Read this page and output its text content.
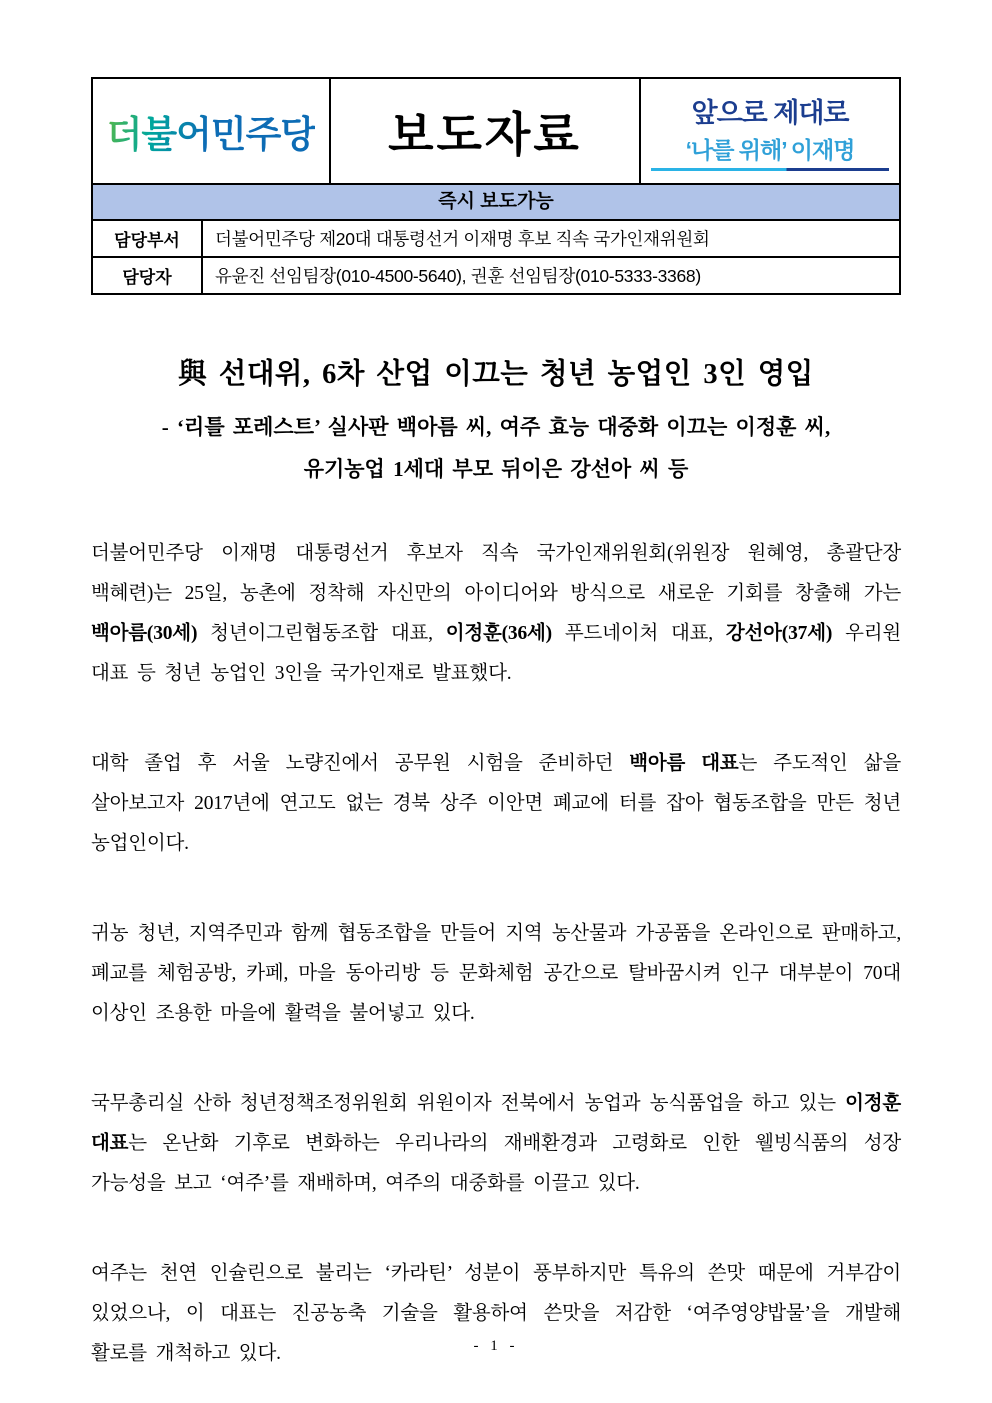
더불어민주당 보도자료	앞으로 제대로
‘나를 위해’ 이재명
즉시 보도가능
담당부서	더불어민주당 제20대 대통령선거 이재명 후보 직속 국가인재위원회
담당자	유윤진 선임팀장(010-4500-5640), 권훈 선임팀장(010-5333-3368)
與 선대위, 6차 산업 이끄는 청년 농업인 3인 영입
- ‘리틀 포레스트’ 실사판 백아름 씨, 여주 효능 대중화 이끄는 이정훈 씨,
유기농업 1세대 부모 뒤이은 강선아 씨 등

더불어민주당 이재명 대통령선거 후보자 직속 국가인재위원회(위원장 원혜영, 총괄단장 백혜련)는 25일, 농촌에 정착해 자신만의 아이디어와 방식으로 새로운 기회를 창출해 가는 백아름(30세) 청년이그린협동조합 대표, 이정훈(36세) 푸드네이처 대표, 강선아(37세) 우리원 대표 등 청년 농업인 3인을 국가인재로 발표했다.

대학 졸업 후 서울 노량진에서 공무원 시험을 준비하던 백아름 대표는 주도적인 삶을 살아보고자 2017년에 연고도 없는 경북 상주 이안면 폐교에 터를 잡아 협동조합을 만든 청년 농업인이다.

귀농 청년, 지역주민과 함께 협동조합을 만들어 지역 농산물과 가공품을 온라인으로 판매하고, 폐교를 체험공방, 카페, 마을 동아리방 등 문화체험 공간으로 탈바꿈시켜 인구 대부분이 70대 이상인 조용한 마을에 활력을 불어넣고 있다.

국무총리실 산하 청년정책조정위원회 위원이자 전북에서 농업과 농식품업을 하고 있는 이정훈 대표는 온난화 기후로 변화하는 우리나라의 재배환경과 고령화로 인한 웰빙식품의 성장 가능성을 보고 ‘여주’를 재배하며, 여주의 대중화를 이끌고 있다.

여주는 천연 인슐린으로 불리는 ‘카라틴’ 성분이 풍부하지만 특유의 쓴맛 때문에 거부감이 있었으나, 이 대표는 진공농축 기술을 활용하여 쓴맛을 저감한 ‘여주영양밥물’을 개발해 활로를 개척하고 있다.	- 1 -
